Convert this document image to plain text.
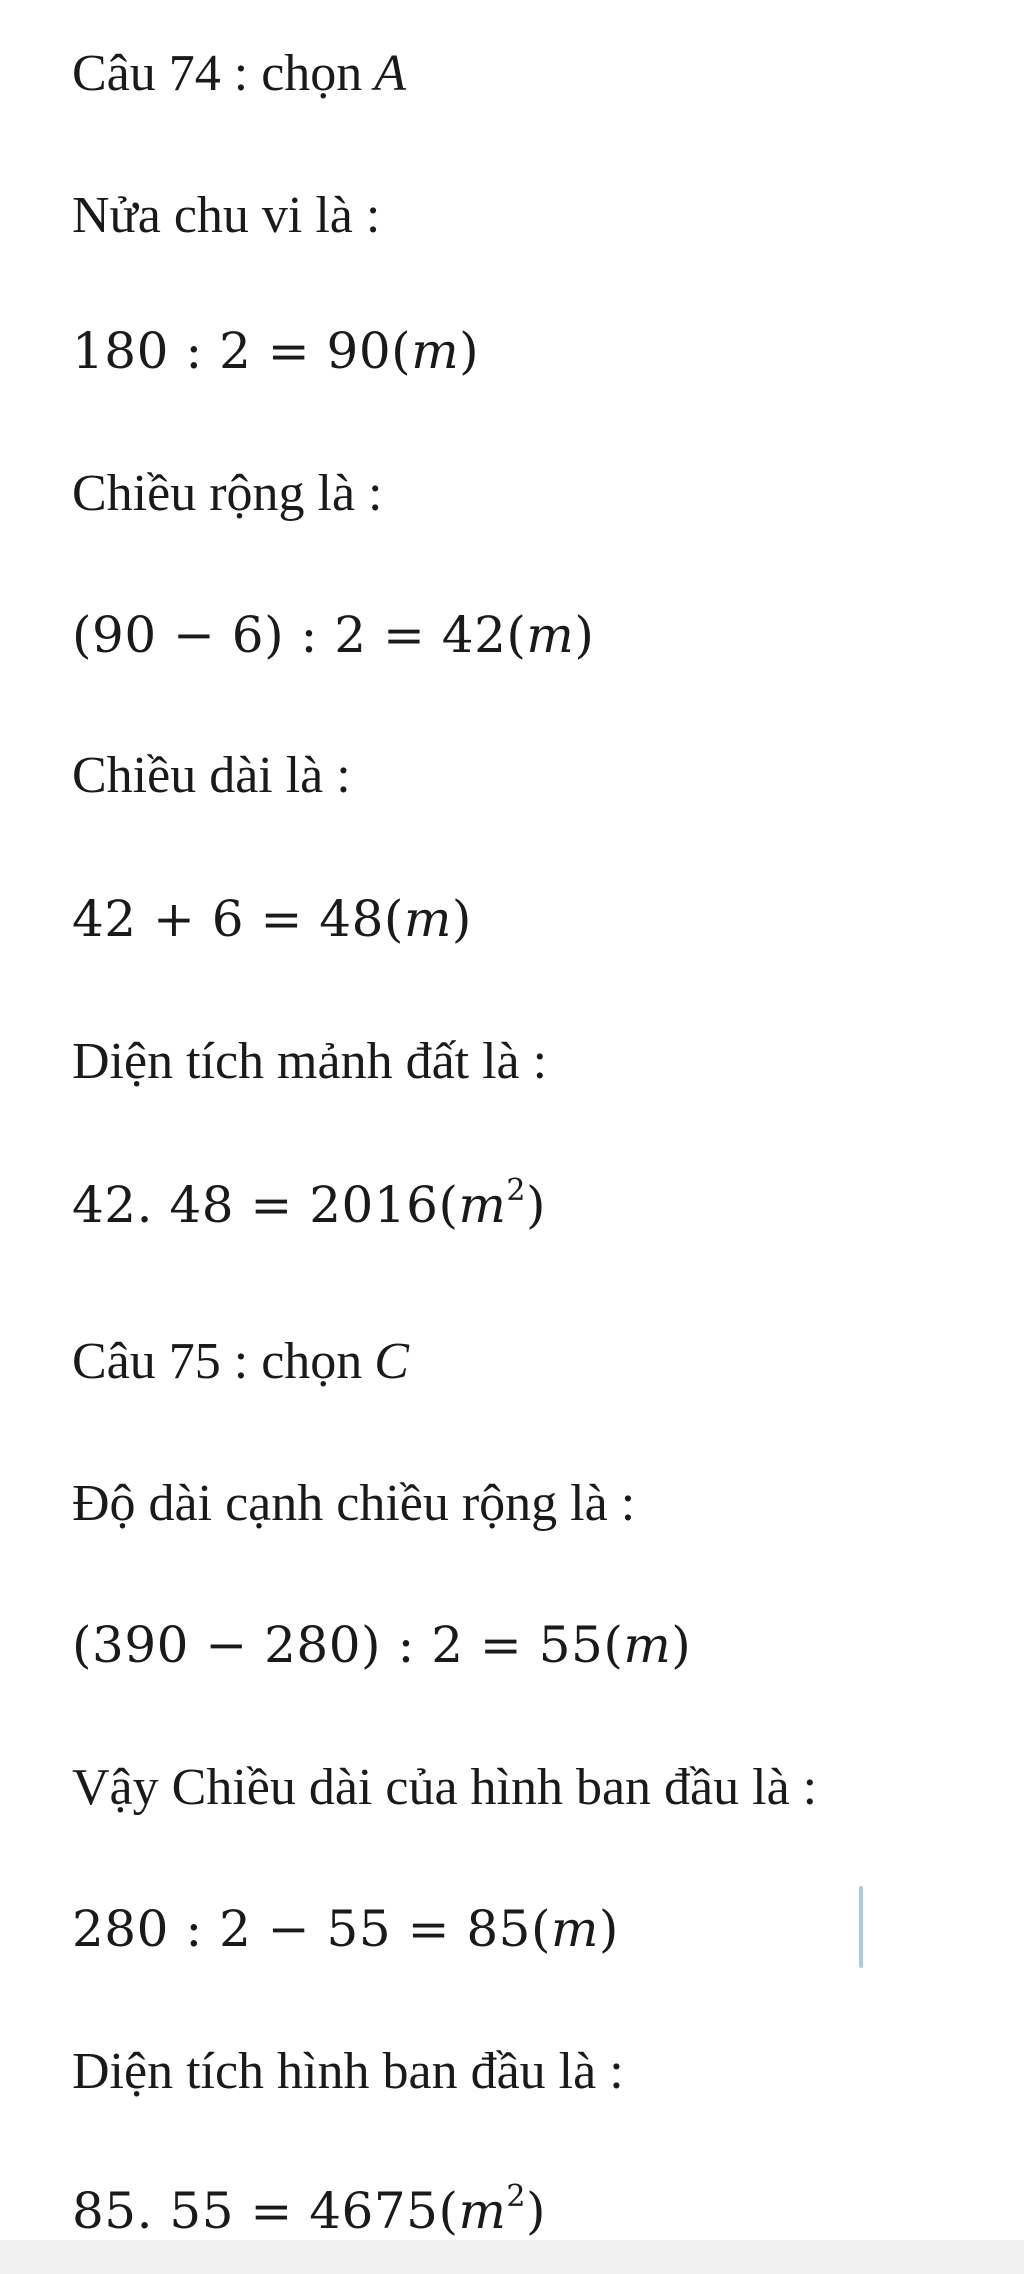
Câu 74 : chọn A
Nửa chu vi là :
180 : 2 = 90(m)
Chiều rộng là :
(90 − 6) : 2 = 42(m)
Chiều dài là :
42 + 6 = 48(m)
Diện tích mảnh đất là :
42. $48 = 2016(m^2)$
Câu 75 : chọn C
Độ dài cạnh chiều rộng là :
(390 − 280) : 2 = 55(m)
Vậy Chiều dài của hình ban đầu là :
280 : 2 − 55 = 85(m)
Diện tích hình ban đầu là :
85. $55 = 4675(m^2)$
